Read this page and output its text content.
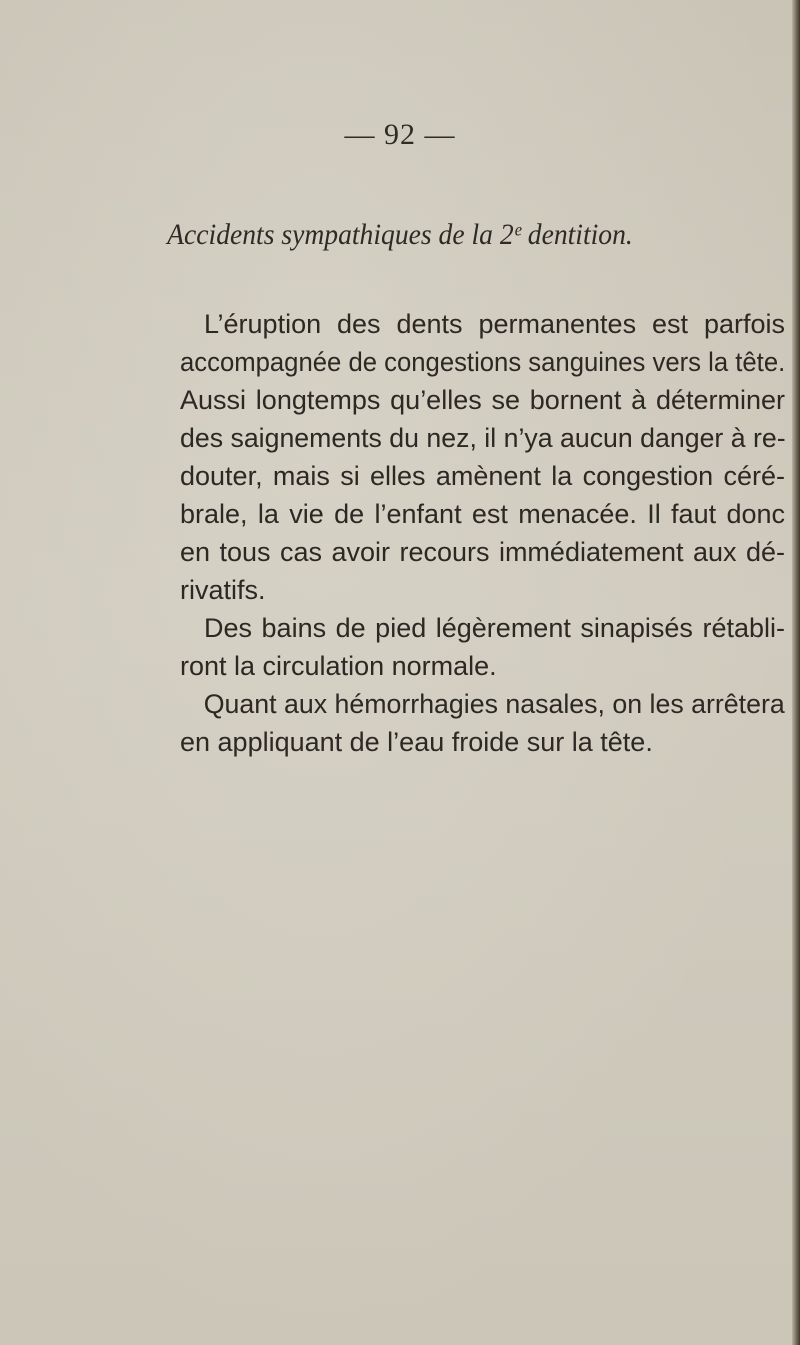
— 92 —
Accidents sympathiques de la 2ᵉ dentition.
L’éruption des dents permanentes est parfois
accompagnée de congestions sanguines vers la tête.
Aussi longtemps qu’elles se bornent à déterminer
des saignements du nez, il n’ya aucun danger à re-
douter, mais si elles amènent la congestion céré-
brale, la vie de l’enfant est menacée. Il faut donc
en tous cas avoir recours immédiatement aux dé-
rivatifs.
Des bains de pied légèrement sinapisés rétabli-
ront la circulation normale.
Quant aux hémorrhagies nasales, on les arrêtera
en appliquant de l’eau froide sur la tête.
